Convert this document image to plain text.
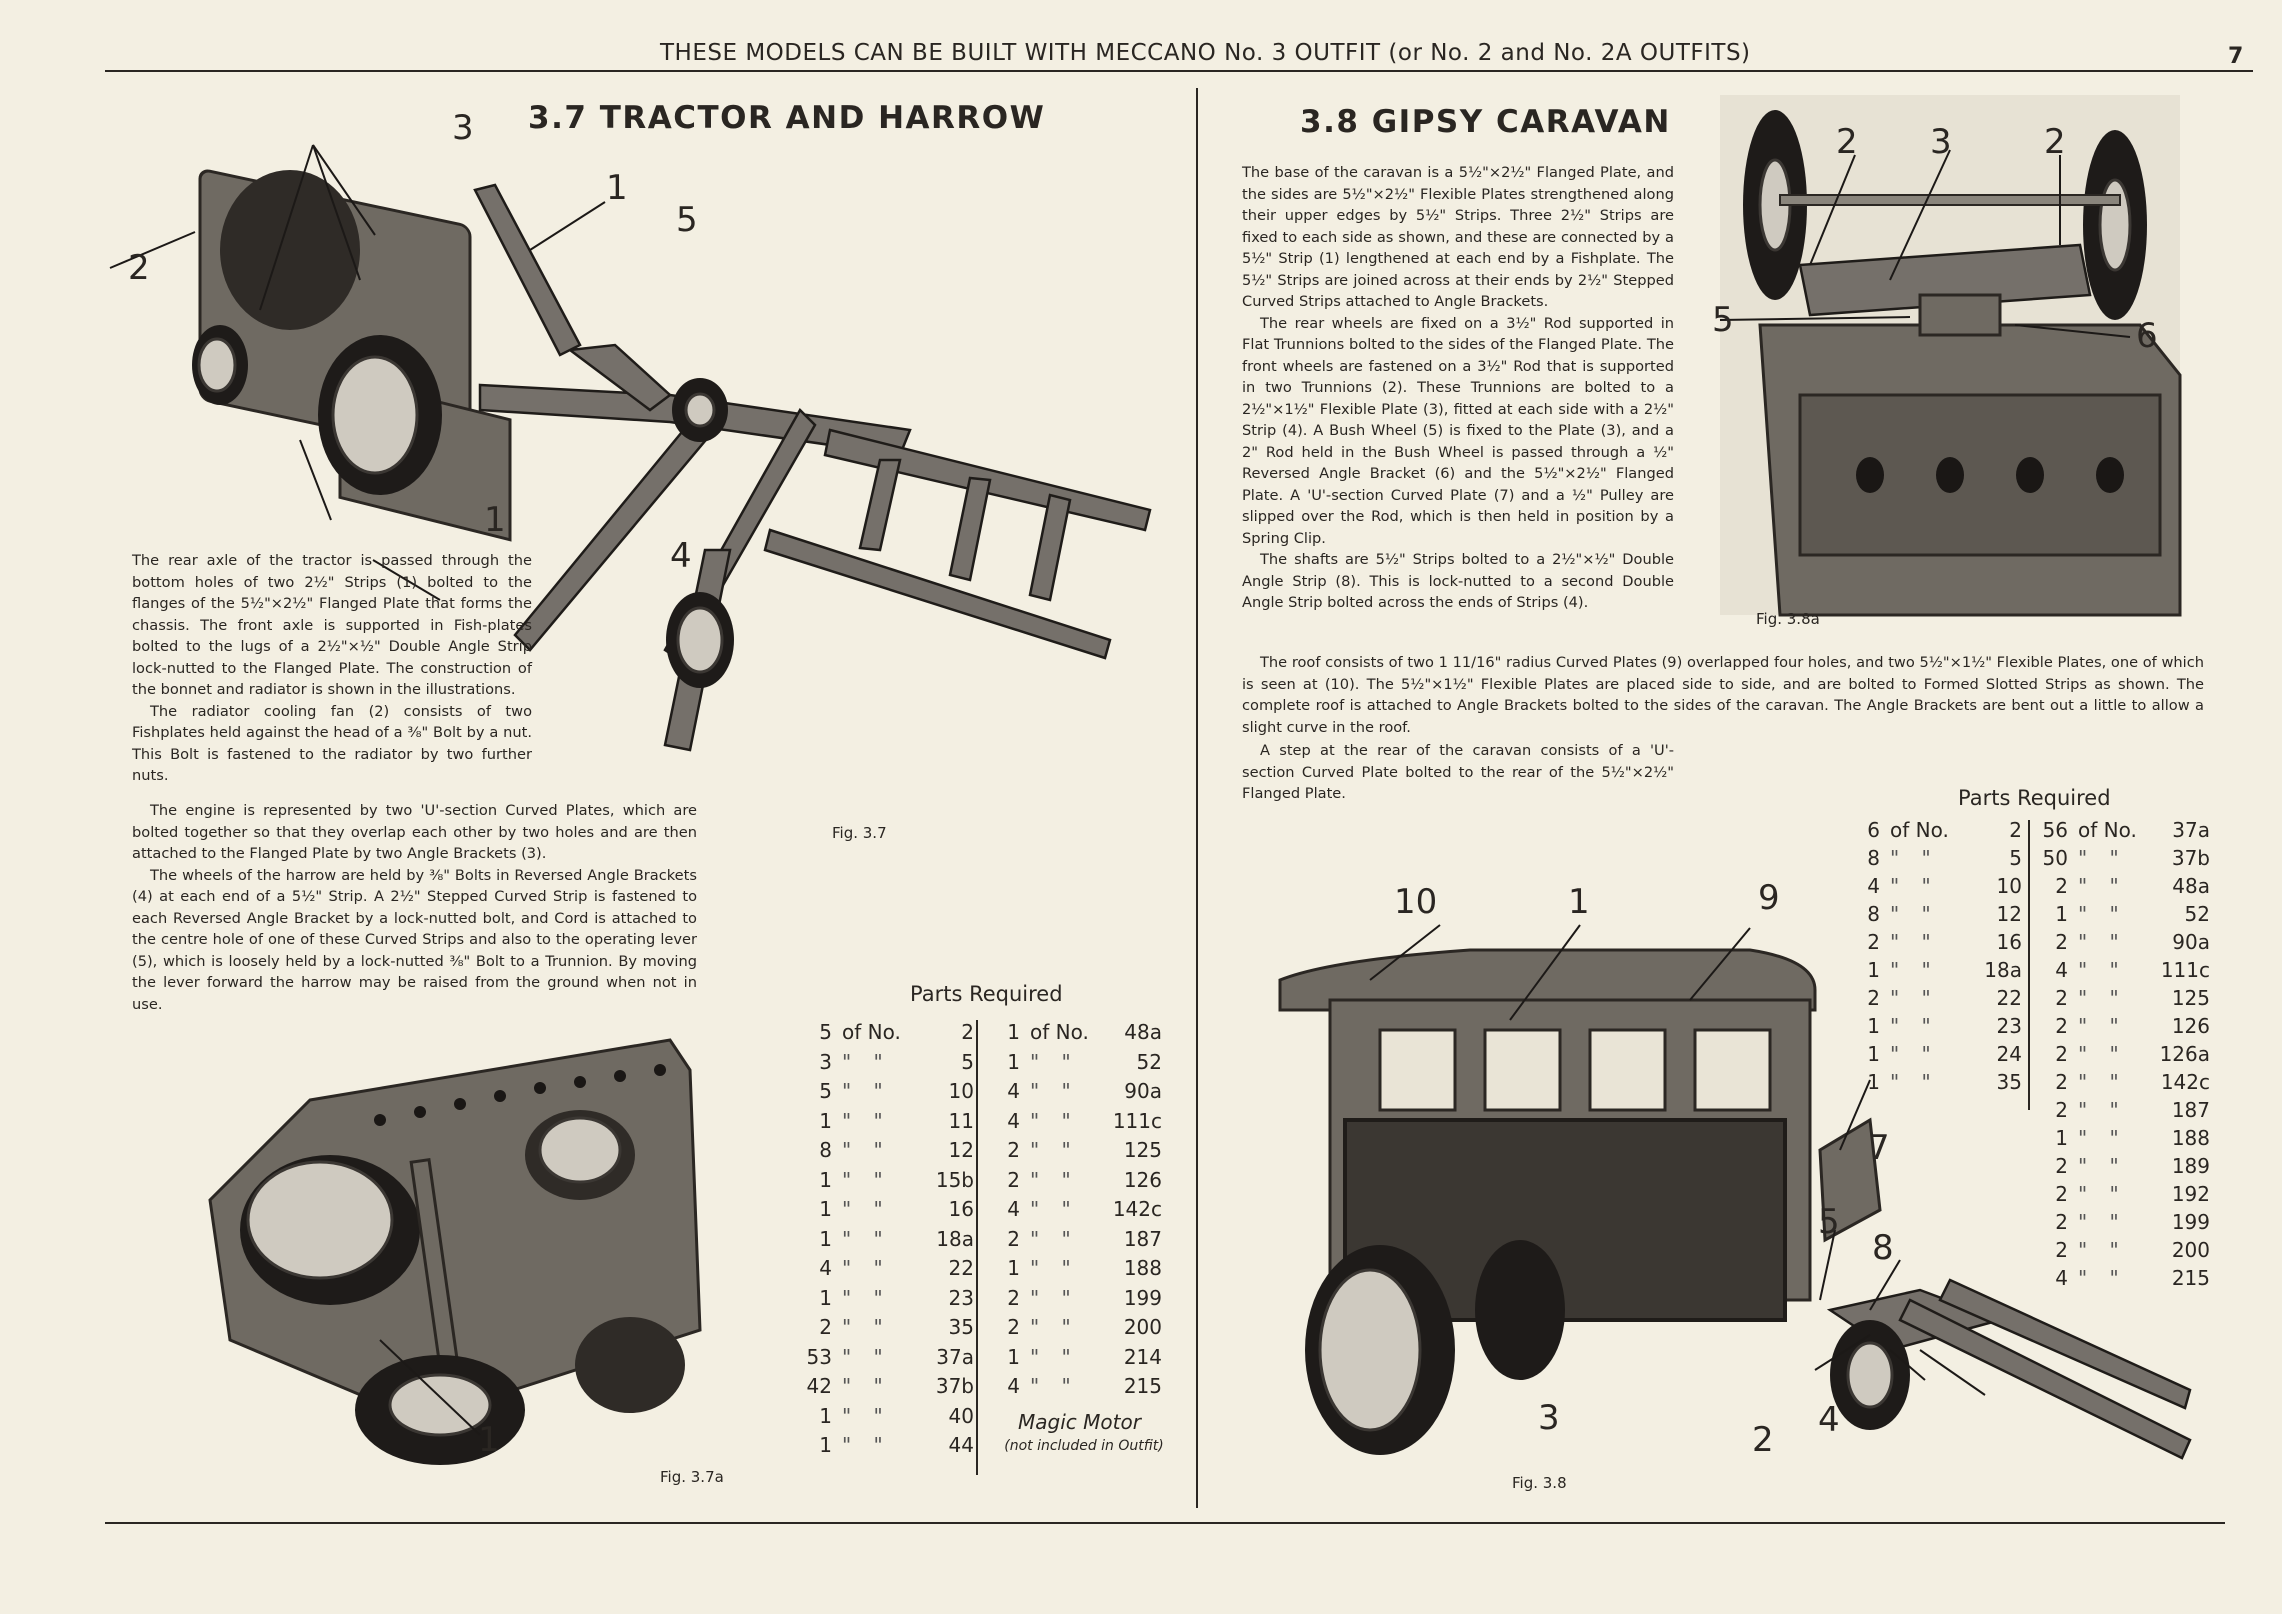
THESE MODELS CAN BE BUILT WITH MECCANO No. 3 OUTFIT (or No. 2 and No. 2A OUTFITS)	7
3.7 TRACTOR AND HARROW
3
2
1
5
1
4
Fig. 3.7

The rear axle of the tractor is passed through the bottom holes of two 2½" Strips (1) bolted to the flanges of the 5½"×2½" Flanged Plate that forms the chassis. The front axle is supported in Fish-plates bolted to the lugs of a 2½"×½" Double Angle Strip lock-nutted to the Flanged Plate. The construction of the bonnet and radiator is shown in the illustrations.

The radiator cooling fan (2) consists of two Fishplates held against the head of a ⅜" Bolt by a nut. This Bolt is fastened to the radiator by two further nuts.

The engine is represented by two 'U'-section Curved Plates, which are bolted together so that they overlap each other by two holes and are then attached to the Flanged Plate by two Angle Brackets (3).

The wheels of the harrow are held by ⅜" Bolts in Reversed Angle Brackets (4) at each end of a 5½" Strip. A 2½" Stepped Curved Strip is fastened to each Reversed Angle Bracket by a lock-nutted bolt, and Cord is attached to the centre hole of one of these Curved Strips and also to the operating lever (5), which is loosely held by a lock-nutted ⅜" Bolt to a Trunnion. By moving the lever forward the harrow may be raised from the ground when not in use.

1
Fig. 3.7a
Parts Required
5 of No.	2
3 " "	5
5 " "	10
1 " "	11
8 " "	12
1 " "	15b
1 " "	16
1 " "	18a
4 " "	22
1 " "	23
2 " "	35
53 " "	37a
42 " "	37b
1 " "	40
1 " "	44
1 of No.	48a
1 " "	52
4 " "	90a
4 " "	111c
2 " "	125
2 " "	126
4 " "	142c
2 " "	187
1 " "	188
2 " "	199
2 " "	200
1 " "	214
4 " "	215
Magic Motor
(not included in Outfit)
3.8 GIPSY CARAVAN

The base of the caravan is a 5½"×2½" Flanged Plate, and the sides are 5½"×2½" Flexible Plates strengthened along their upper edges by 5½" Strips. Three 2½" Strips are fixed to each side as shown, and these are connected by a 5½" Strip (1) lengthened at each end by a Fishplate. The 5½" Strips are joined across at their ends by 2½" Stepped Curved Strips attached to Angle Brackets.

The rear wheels are fixed on a 3½" Rod supported in Flat Trunnions bolted to the sides of the Flanged Plate. The front wheels are fastened on a 3½" Rod that is supported in two Trunnions (2). These Trunnions are bolted to a 2½"×1½" Flexible Plate (3), fitted at each side with a 2½" Strip (4). A Bush Wheel (5) is fixed to the Plate (3), and a 2" Rod held in the Bush Wheel is passed through a ½" Reversed Angle Bracket (6) and the 5½"×2½" Flanged Plate. A 'U'-section Curved Plate (7) and a ½" Pulley are slipped over the Rod, which is then held in position by a Spring Clip.

The shafts are 5½" Strips bolted to a 2½"×½" Double Angle Strip (8). This is lock-nutted to a second Double Angle Strip bolted across the ends of Strips (4).

The roof consists of two 1 11/16" radius Curved Plates (9) overlapped four holes, and two 5½"×1½" Flexible Plates, one of which is seen at (10). The 5½"×1½" Flexible Plates are placed side to side, and are bolted to Formed Slotted Strips as shown. The complete roof is attached to Angle Brackets bolted to the sides of the caravan. The Angle Brackets are bent out a little to allow a slight curve in the roof.

A step at the rear of the caravan consists of a 'U'-section Curved Plate bolted to the rear of the 5½"×2½" Flanged Plate.

2 3	2
5	6
Fig. 3.8a
10	1	9
7
5
8
3
2 4
Fig. 3.8
Parts Required
6 of No.	2
8 " "	5
4 " "	10
8 " "	12
2 " "	16
1 " "	18a
2 " "	22
1 " "	23
1 " "	24
1 " "	35
56 of No.	37a
50 " "	37b
2 " "	48a
1 " "	52
2 " "	90a
4 " "	111c
2 " "	125
2 " "	126
2 " "	126a
2 " "	142c
2 " "	187
1 " "	188
2 " "	189
2 " "	192
2 " "	199
2 " "	200
4 " "	215
